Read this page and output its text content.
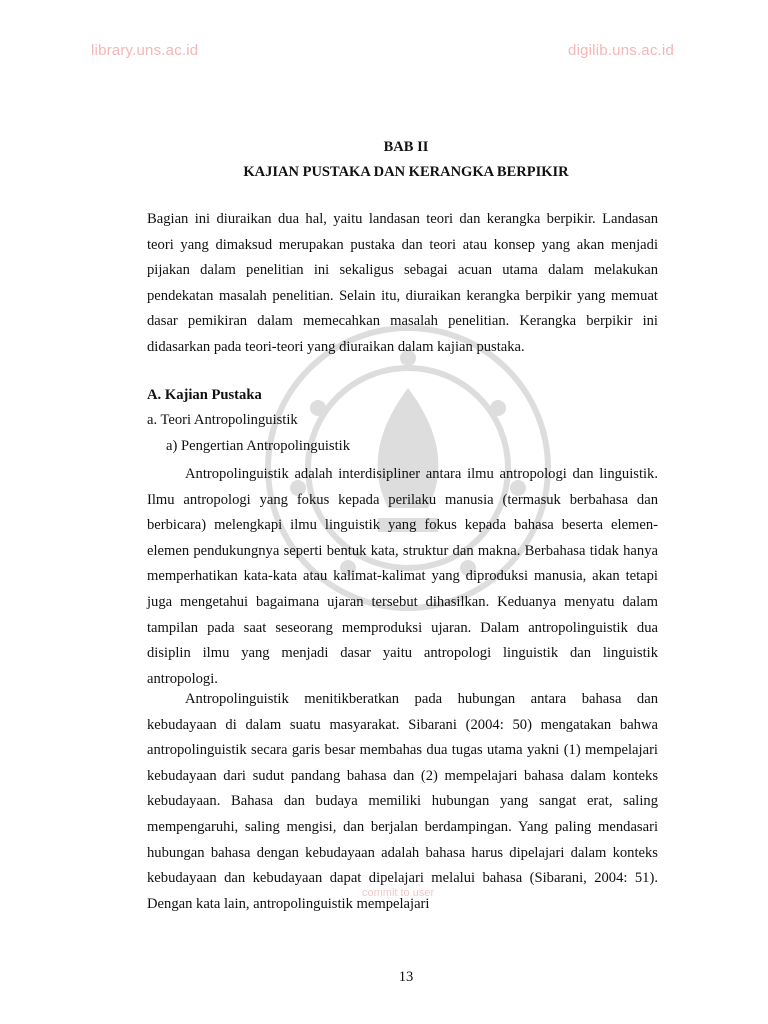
library.uns.ac.id	digilib.uns.ac.id
BAB II
KAJIAN PUSTAKA DAN KERANGKA BERPIKIR
Bagian ini diuraikan dua hal, yaitu landasan teori dan kerangka berpikir. Landasan teori yang dimaksud merupakan pustaka dan teori atau konsep yang akan menjadi pijakan dalam penelitian ini sekaligus sebagai acuan utama dalam melakukan pendekatan masalah penelitian. Selain itu, diuraikan kerangka berpikir yang memuat dasar pemikiran dalam memecahkan masalah penelitian. Kerangka berpikir ini didasarkan pada teori-teori yang diuraikan dalam kajian pustaka.
A. Kajian Pustaka
a. Teori Antropolinguistik
a) Pengertian Antropolinguistik
Antropolinguistik adalah interdisipliner antara ilmu antropologi dan linguistik. Ilmu antropologi yang fokus kepada perilaku manusia (termasuk berbahasa dan berbicara) melengkapi ilmu linguistik yang fokus kepada bahasa beserta elemen-elemen pendukungnya seperti bentuk kata, struktur dan makna. Berbahasa tidak hanya memperhatikan kata-kata atau kalimat-kalimat yang diproduksi manusia, akan tetapi juga mengetahui bagaimana ujaran tersebut dihasilkan. Keduanya menyatu dalam tampilan pada saat seseorang memproduksi ujaran. Dalam antropolinguistik dua disiplin ilmu yang menjadi dasar yaitu antropologi linguistik dan linguistik antropologi.
Antropolinguistik menitikberatkan pada hubungan antara bahasa dan kebudayaan di dalam suatu masyarakat. Sibarani (2004: 50) mengatakan bahwa antropolinguistik secara garis besar membahas dua tugas utama yakni (1) mempelajari kebudayaan dari sudut pandang bahasa dan (2) mempelajari bahasa dalam konteks kebudayaan. Bahasa dan budaya memiliki hubungan yang sangat erat, saling mempengaruhi, saling mengisi, dan berjalan berdampingan. Yang paling mendasari hubungan bahasa dengan kebudayaan adalah bahasa harus dipelajari dalam konteks kebudayaan dan kebudayaan dapat dipelajari melalui bahasa (Sibarani, 2004: 51). Dengan kata lain, antropolinguistik mempelajari
commit to user
13
